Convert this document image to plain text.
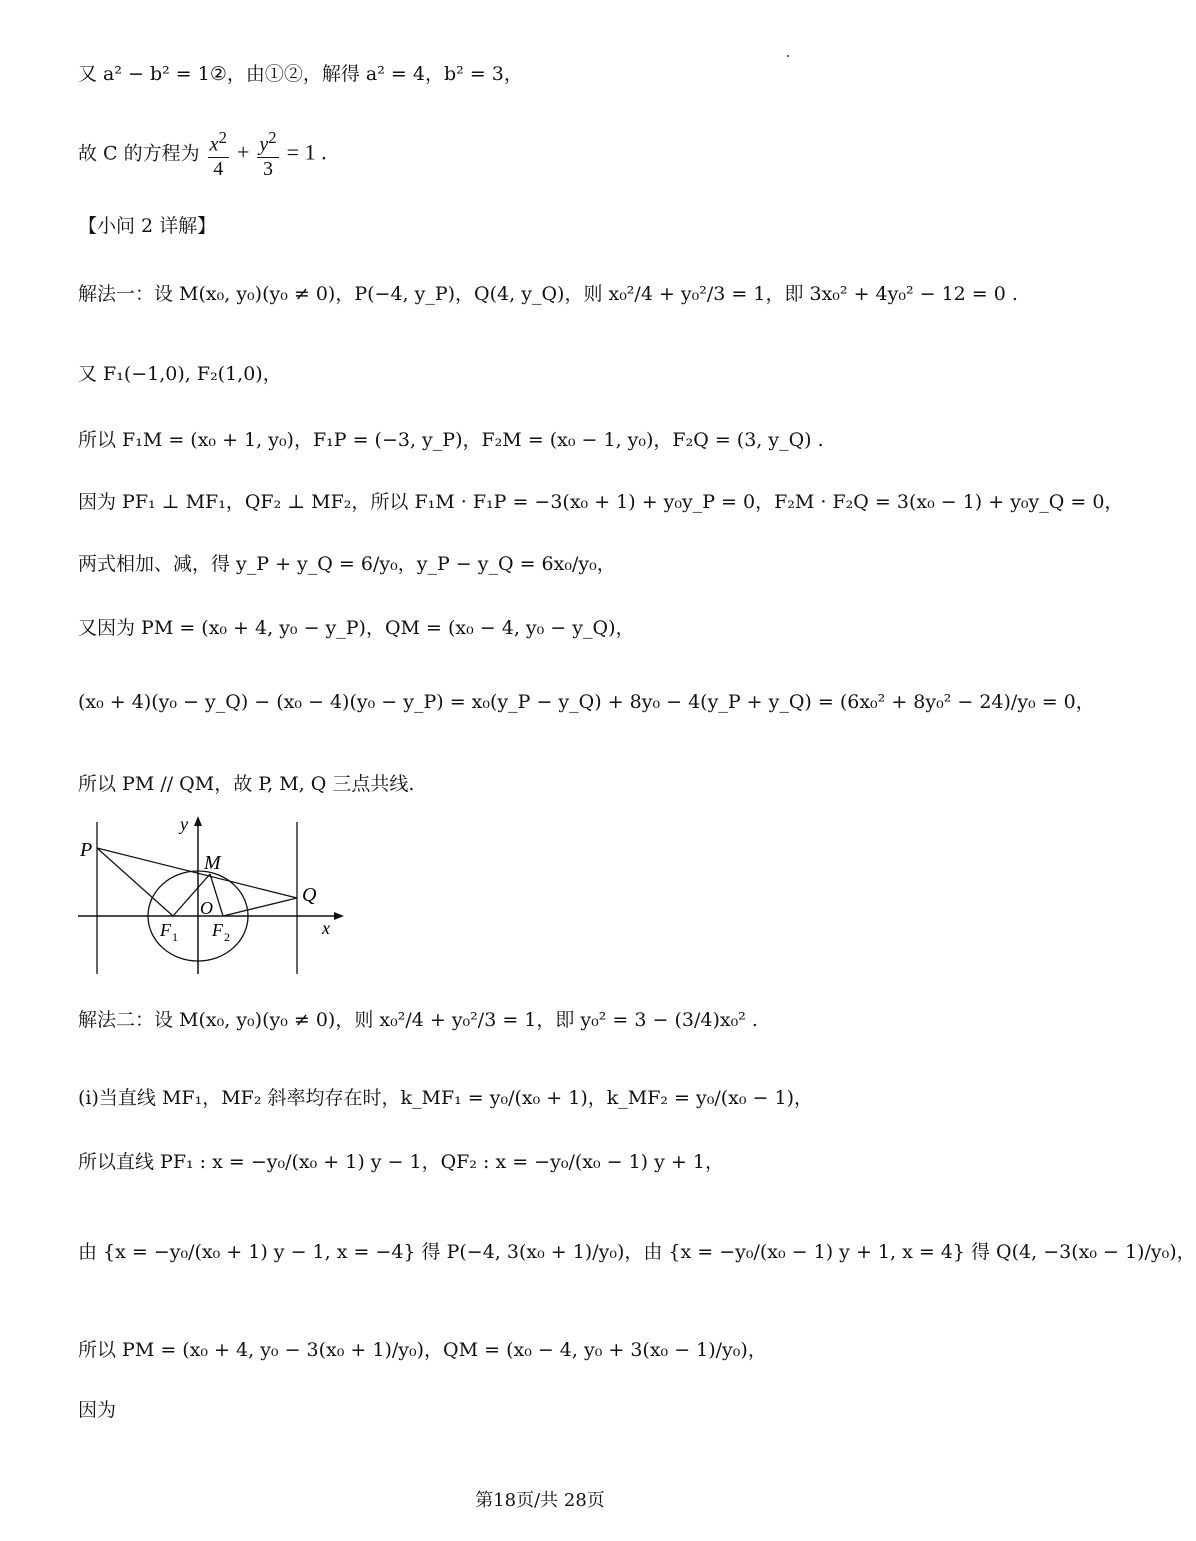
又 a² − b² = 1②，由①②，解得 a² = 4，b² = 3，
故 C 的方程为 $\frac{x^2}{4} + \frac{y^2}{3} = 1$ .
【小问 2 详解】
解法一：设 M(x₀, y₀)(y₀ ≠ 0)，P(−4, y_P)，Q(4, y_Q)，则 x₀²/4 + y₀²/3 = 1，即 3x₀² + 4y₀² − 12 = 0 .
又 F₁(−1,0), F₂(1,0)，
所以 F₁M = (x₀ + 1, y₀)，F₁P = (−3, y_P)，F₂M = (x₀ − 1, y₀)，F₂Q = (3, y_Q) .
因为 PF₁ ⊥ MF₁，QF₂ ⊥ MF₂，所以 F₁M · F₁P = −3(x₀ + 1) + y₀y_P = 0，F₂M · F₂Q = 3(x₀ − 1) + y₀y_Q = 0，
两式相加、减，得 y_P + y_Q = 6/y₀，y_P − y_Q = 6x₀/y₀，
又因为 PM = (x₀ + 4, y₀ − y_P)，QM = (x₀ − 4, y₀ − y_Q)，
(x₀ + 4)(y₀ − y_Q) − (x₀ − 4)(y₀ − y_P) = x₀(y_P − y_Q) + 8y₀ − 4(y_P + y_Q) = (6x₀² + 8y₀² − 24)/y₀ = 0，
所以 PM // QM，故 P, M, Q 三点共线.
P
M
Q
O
F 1 F 2	x
y
解法二：设 M(x₀, y₀)(y₀ ≠ 0)，则 x₀²/4 + y₀²/3 = 1，即 y₀² = 3 − (3/4)x₀² .
(i)当直线 MF₁，MF₂ 斜率均存在时，k_MF₁ = y₀/(x₀ + 1)，k_MF₂ = y₀/(x₀ − 1)，
所以直线 PF₁ : x = −y₀/(x₀ + 1) y − 1，QF₂ : x = −y₀/(x₀ − 1) y + 1，
由 {x = −y₀/(x₀ + 1) y − 1, x = −4} 得 P(−4, 3(x₀ + 1)/y₀)，由 {x = −y₀/(x₀ − 1) y + 1, x = 4} 得 Q(4, −3(x₀ − 1)/y₀)，
所以 PM = (x₀ + 4, y₀ − 3(x₀ + 1)/y₀)，QM = (x₀ − 4, y₀ + 3(x₀ − 1)/y₀)，
因为
第18页/共 28页
